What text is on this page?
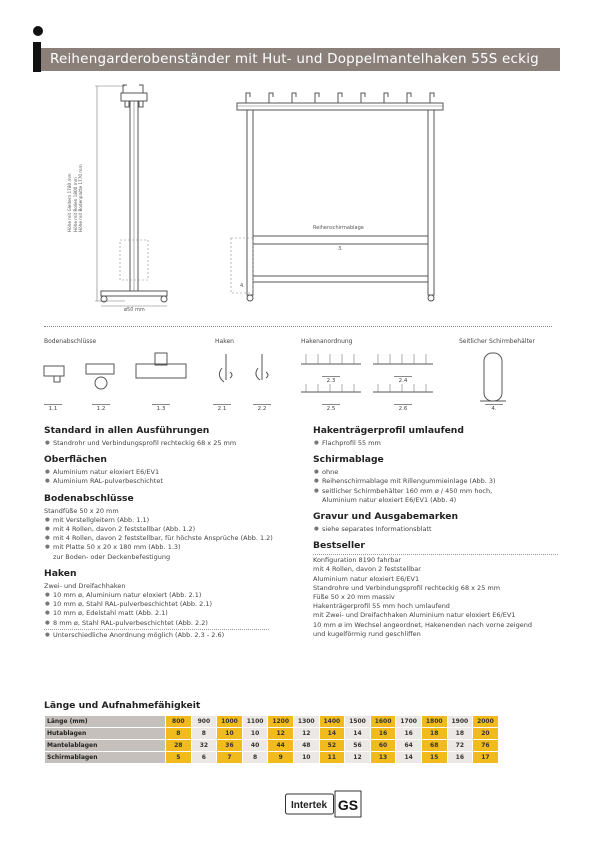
Reihengarderobenständer mit Hut- und Doppelmantelhaken 55S eckig
Höhe mit Gleitern 1780 mm Höhe mit Rollen 1800 mm Höhe mit Bodenplatte 1770 mm
ø50 mm
Reihenschirmablage
3.
4.
Bodenabschlüsse	Haken	Hakenanordnung	Seitlicher Schirmbehälter
1.1	1.2	1.3	2.1	2.2
2.3	2.4
2.5	2.6	4.
Standard in allen Ausführungen
● Standrohr und Verbindungsprofil rechteckig 68 x 25 mm
Oberflächen
● Aluminium natur eloxiert E6/EV1
● Aluminium RAL-pulverbeschichtet
Bodenabschlüsse
Standfüße 50 x 20 mm
● mit Verstellgleitern (Abb. 1.1)
● mit 4 Rollen, davon 2 feststellbar (Abb. 1.2)
● mit 4 Rollen, davon 2 feststellbar, für höchste Ansprüche (Abb. 1.2)
● mit Platte 50 x 20 x 180 mm (Abb. 1.3)
zur Boden- oder Deckenbefestigung
Haken
Zwei- und Dreifachhaken
● 10 mm ø, Aluminium natur eloxiert (Abb. 2.1)
● 10 mm ø, Stahl RAL-pulverbeschichtet (Abb. 2.1)
● 10 mm ø, Edelstahl matt (Abb. 2.1)
● 8 mm ø, Stahl RAL-pulverbeschichtet (Abb. 2.2)
● Unterschiedliche Anordnung möglich (Abb. 2.3 - 2.6)
Hakenträgerprofil umlaufend
● Flachprofil 55 mm
Schirmablage
● ohne
● Reihenschirmablage mit Rillengummieinlage (Abb. 3)
● seitlicher Schirmbehälter 160 mm ø / 450 mm hoch,
Aluminium natur eloxiert E6/EV1 (Abb. 4)
Gravur und Ausgabemarken
● siehe separates Informationsblatt
Bestseller
Konfiguration 8190 fahrbar
mit 4 Rollen, davon 2 feststellbar
Aluminium natur eloxiert E6/EV1
Standrohre und Verbindungsprofil rechteckig 68 x 25 mm
Füße 50 x 20 mm massiv
Hakenträgerprofil 55 mm hoch umlaufend
mit Zwei- und Dreifachhaken Aluminium natur eloxiert E6/EV1
10 mm ø im Wechsel angeordnet, Hakenenden nach vorne zeigend
und kugelförmig rund geschliffen
Länge und Aufnahmefähigkeit
Länge (mm)	800	900	1000	1100	1200	1300	1400	1500	1600	1700	1800	1900	2000
Hutablagen	8	8	10	10	12	12	14	14	16	16	18	18	20
Mantelablagen	28	32	36	40	44	48	52	56	60	64	68	72	76
Schirmablagen	5	6	7	8	9	10	11	12	13	14	15	16	17
Intertek GS
